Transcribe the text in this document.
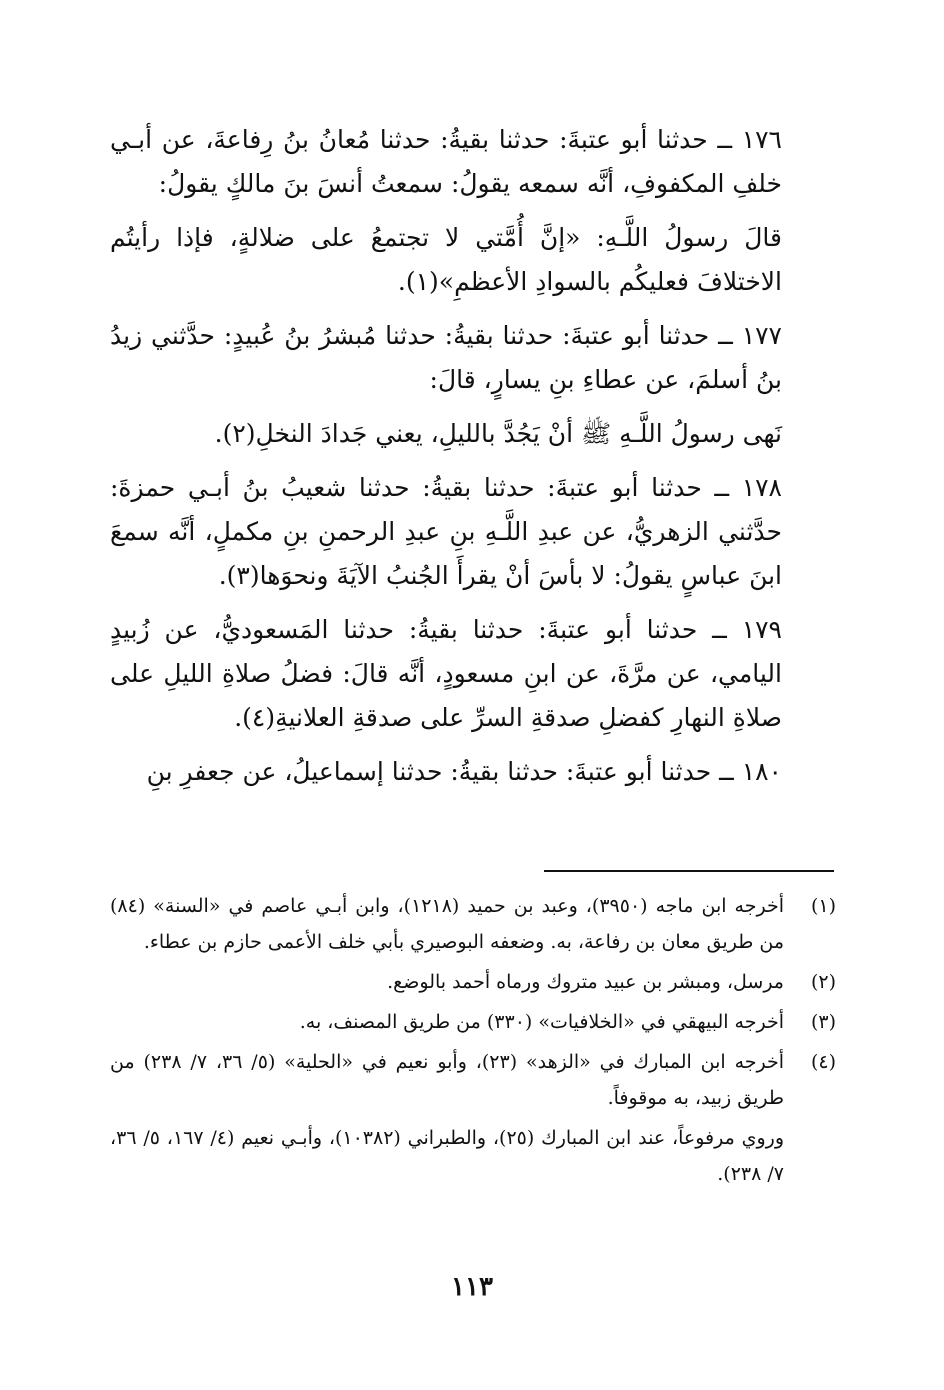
١٧٦ ــ حدثنا أبو عتبةَ: حدثنا بقيةُ: حدثنا مُعانُ بنُ رِفاعةَ، عن أبـي خلفِ المكفوفِ، أنَّه سمعه يقولُ: سمعتُ أنسَ بنَ مالكٍ يقولُ:

قالَ رسولُ اللَّـهِ: «إنَّ أُمَّتي لا تجتمعُ على ضلالةٍ، فإذا رأيتُم الاختلافَ فعليكُم بالسوادِ الأعظمِ»(١).

١٧٧ ــ حدثنا أبو عتبةَ: حدثنا بقيةُ: حدثنا مُبشرُ بنُ عُبيدٍ: حدَّثني زيدُ بنُ أسلمَ، عن عطاءِ بنِ يسارٍ، قالَ:

نَهى رسولُ اللَّـهِ ﷺ أنْ يَجُدَّ بالليلِ، يعني جَدادَ النخلِ(٢).

١٧٨ ــ حدثنا أبو عتبةَ: حدثنا بقيةُ: حدثنا شعيبُ بنُ أبـي حمزةَ: حدَّثني الزهريُّ، عن عبدِ اللَّـهِ بنِ عبدِ الرحمنِ بنِ مكملٍ، أنَّه سمعَ ابنَ عباسٍ يقولُ: لا بأسَ أنْ يقرأَ الجُنبُ الآيَةَ ونحوَها(٣).

١٧٩ ــ حدثنا أبو عتبةَ: حدثنا بقيةُ: حدثنا المَسعوديُّ، عن زُبيدٍ اليامي، عن مرَّةَ، عن ابنِ مسعودٍ، أنَّه قالَ: فضلُ صلاةِ الليلِ على صلاةِ النهارِ كفضلِ صدقةِ السرِّ على صدقةِ العلانيةِ(٤).

١٨٠ ــ حدثنا أبو عتبةَ: حدثنا بقيةُ: حدثنا إسماعيلُ، عن جعفرِ بنِ

(١)

أخرجه ابن ماجه (٣٩٥٠)، وعبد بن حميد (١٢١٨)، وابن أبـي عاصم في «السنة» (٨٤) من طريق معان بن رفاعة، به. وضعفه البوصيري بأبي خلف الأعمى حازم بن عطاء.

(٢)

مرسل، ومبشر بن عبيد متروك ورماه أحمد بالوضع.

(٣)

أخرجه البيهقي في «الخلافيات» (٣٣٠) من طريق المصنف، به.

(٤)

أخرجه ابن المبارك في «الزهد» (٢٣)، وأبو نعيم في «الحلية» (٥/ ٣٦، ٧/ ٢٣٨) من طريق زبيد، به موقوفاً.

وروي مرفوعاً، عند ابن المبارك (٢٥)، والطبراني (١٠٣٨٢)، وأبـي نعيم (٤/ ١٦٧، ٥/ ٣٦، ٧/ ٢٣٨).

١١٣
